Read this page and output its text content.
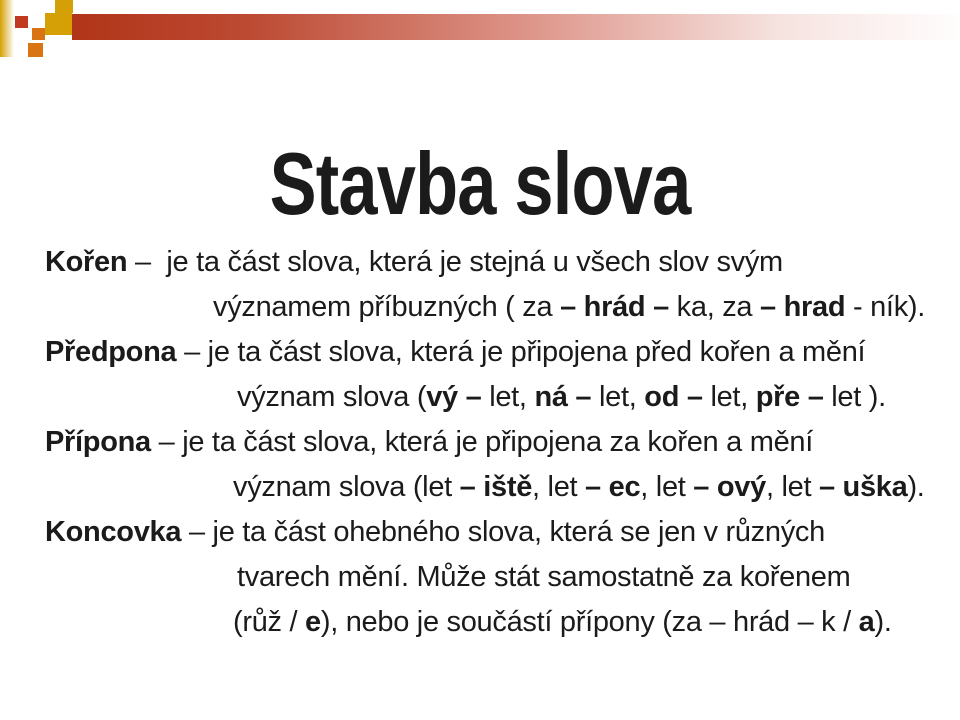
Stavba slova

Kořen –  je ta část slova, která je stejná u všech slov svým

významem příbuzných ( za – hrád – ka, za – hrad - ník).

Předpona – je ta část slova, která je připojena před kořen a mění

význam slova (vý – let, ná – let, od – let, pře – let ).

Přípona – je ta část slova, která je připojena za kořen a mění

význam slova (let – iště, let – ec, let – ový, let – uška).

Koncovka – je ta část ohebného slova, která se jen v různých

tvarech mění. Může stát samostatně za kořenem

(růž / e), nebo je součástí přípony (za – hrád – k / a).
